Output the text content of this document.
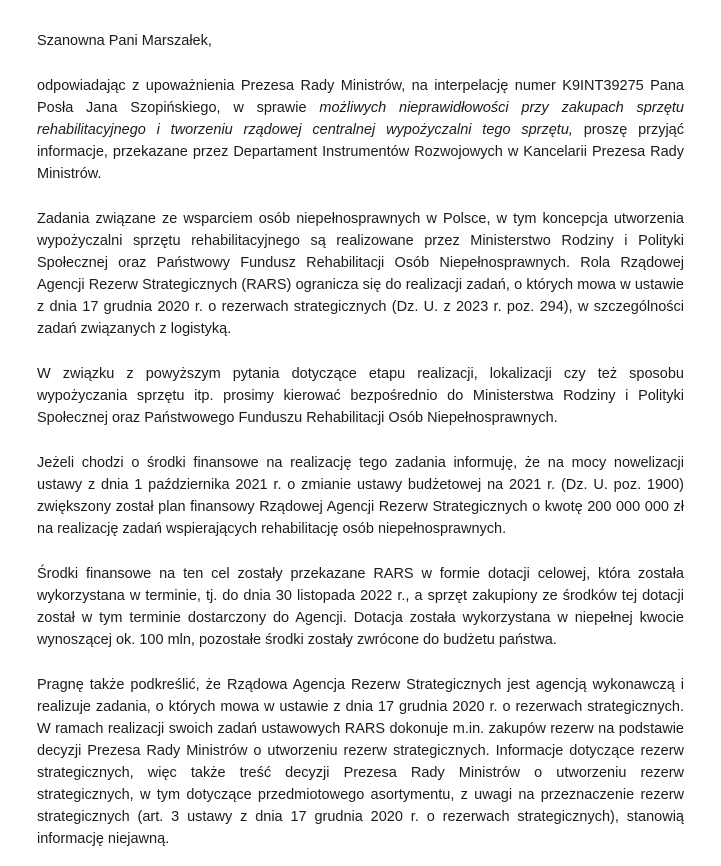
Szanowna Pani Marszałek,

odpowiadając z upoważnienia Prezesa Rady Ministrów, na interpelację numer K9INT39275 Pana Posła Jana Szopińskiego, w sprawie możliwych nieprawidłowości przy zakupach sprzętu rehabilitacyjnego i tworzeniu rządowej centralnej wypożyczalni tego sprzętu, proszę przyjąć informacje, przekazane przez Departament Instrumentów Rozwojowych w Kancelarii Prezesa Rady Ministrów.

Zadania związane ze wsparciem osób niepełnosprawnych w Polsce, w tym koncepcja utworzenia wypożyczalni sprzętu rehabilitacyjnego są realizowane przez Ministerstwo Rodziny i Polityki Społecznej oraz Państwowy Fundusz Rehabilitacji Osób Niepełnosprawnych. Rola Rządowej Agencji Rezerw Strategicznych (RARS) ogranicza się do realizacji zadań, o których mowa w ustawie z dnia 17 grudnia 2020 r. o rezerwach strategicznych (Dz. U. z 2023 r. poz. 294), w szczególności zadań związanych z logistyką.

W związku z powyższym pytania dotyczące etapu realizacji, lokalizacji czy też sposobu wypożyczania sprzętu itp. prosimy kierować bezpośrednio do Ministerstwa Rodziny i Polityki Społecznej oraz Państwowego Funduszu Rehabilitacji Osób Niepełnosprawnych.

Jeżeli chodzi o środki finansowe na realizację tego zadania informuję, że na mocy nowelizacji ustawy z dnia 1 października 2021 r. o zmianie ustawy budżetowej na 2021 r. (Dz. U. poz. 1900) zwiększony został plan finansowy Rządowej Agencji Rezerw Strategicznych o kwotę 200 000 000 zł na realizację zadań wspierających rehabilitację osób niepełnosprawnych.

Środki finansowe na ten cel zostały przekazane RARS w formie dotacji celowej, która została wykorzystana w terminie, tj. do dnia 30 listopada 2022 r., a sprzęt zakupiony ze środków tej dotacji został w tym terminie dostarczony do Agencji. Dotacja została wykorzystana w niepełnej kwocie wynoszącej ok. 100 mln, pozostałe środki zostały zwrócone do budżetu państwa.

Pragnę także podkreślić, że Rządowa Agencja Rezerw Strategicznych jest agencją wykonawczą i realizuje zadania, o których mowa w ustawie z dnia 17 grudnia 2020 r. o rezerwach strategicznych. W ramach realizacji swoich zadań ustawowych RARS dokonuje m.in. zakupów rezerw na podstawie decyzji Prezesa Rady Ministrów o utworzeniu rezerw strategicznych. Informacje dotyczące rezerw strategicznych, więc także treść decyzji Prezesa Rady Ministrów o utworzeniu rezerw strategicznych, w tym dotyczące przedmiotowego asortymentu, z uwagi na przeznaczenie rezerw strategicznych (art. 3 ustawy z dnia 17 grudnia 2020 r. o rezerwach strategicznych), stanowią informację niejawną.
